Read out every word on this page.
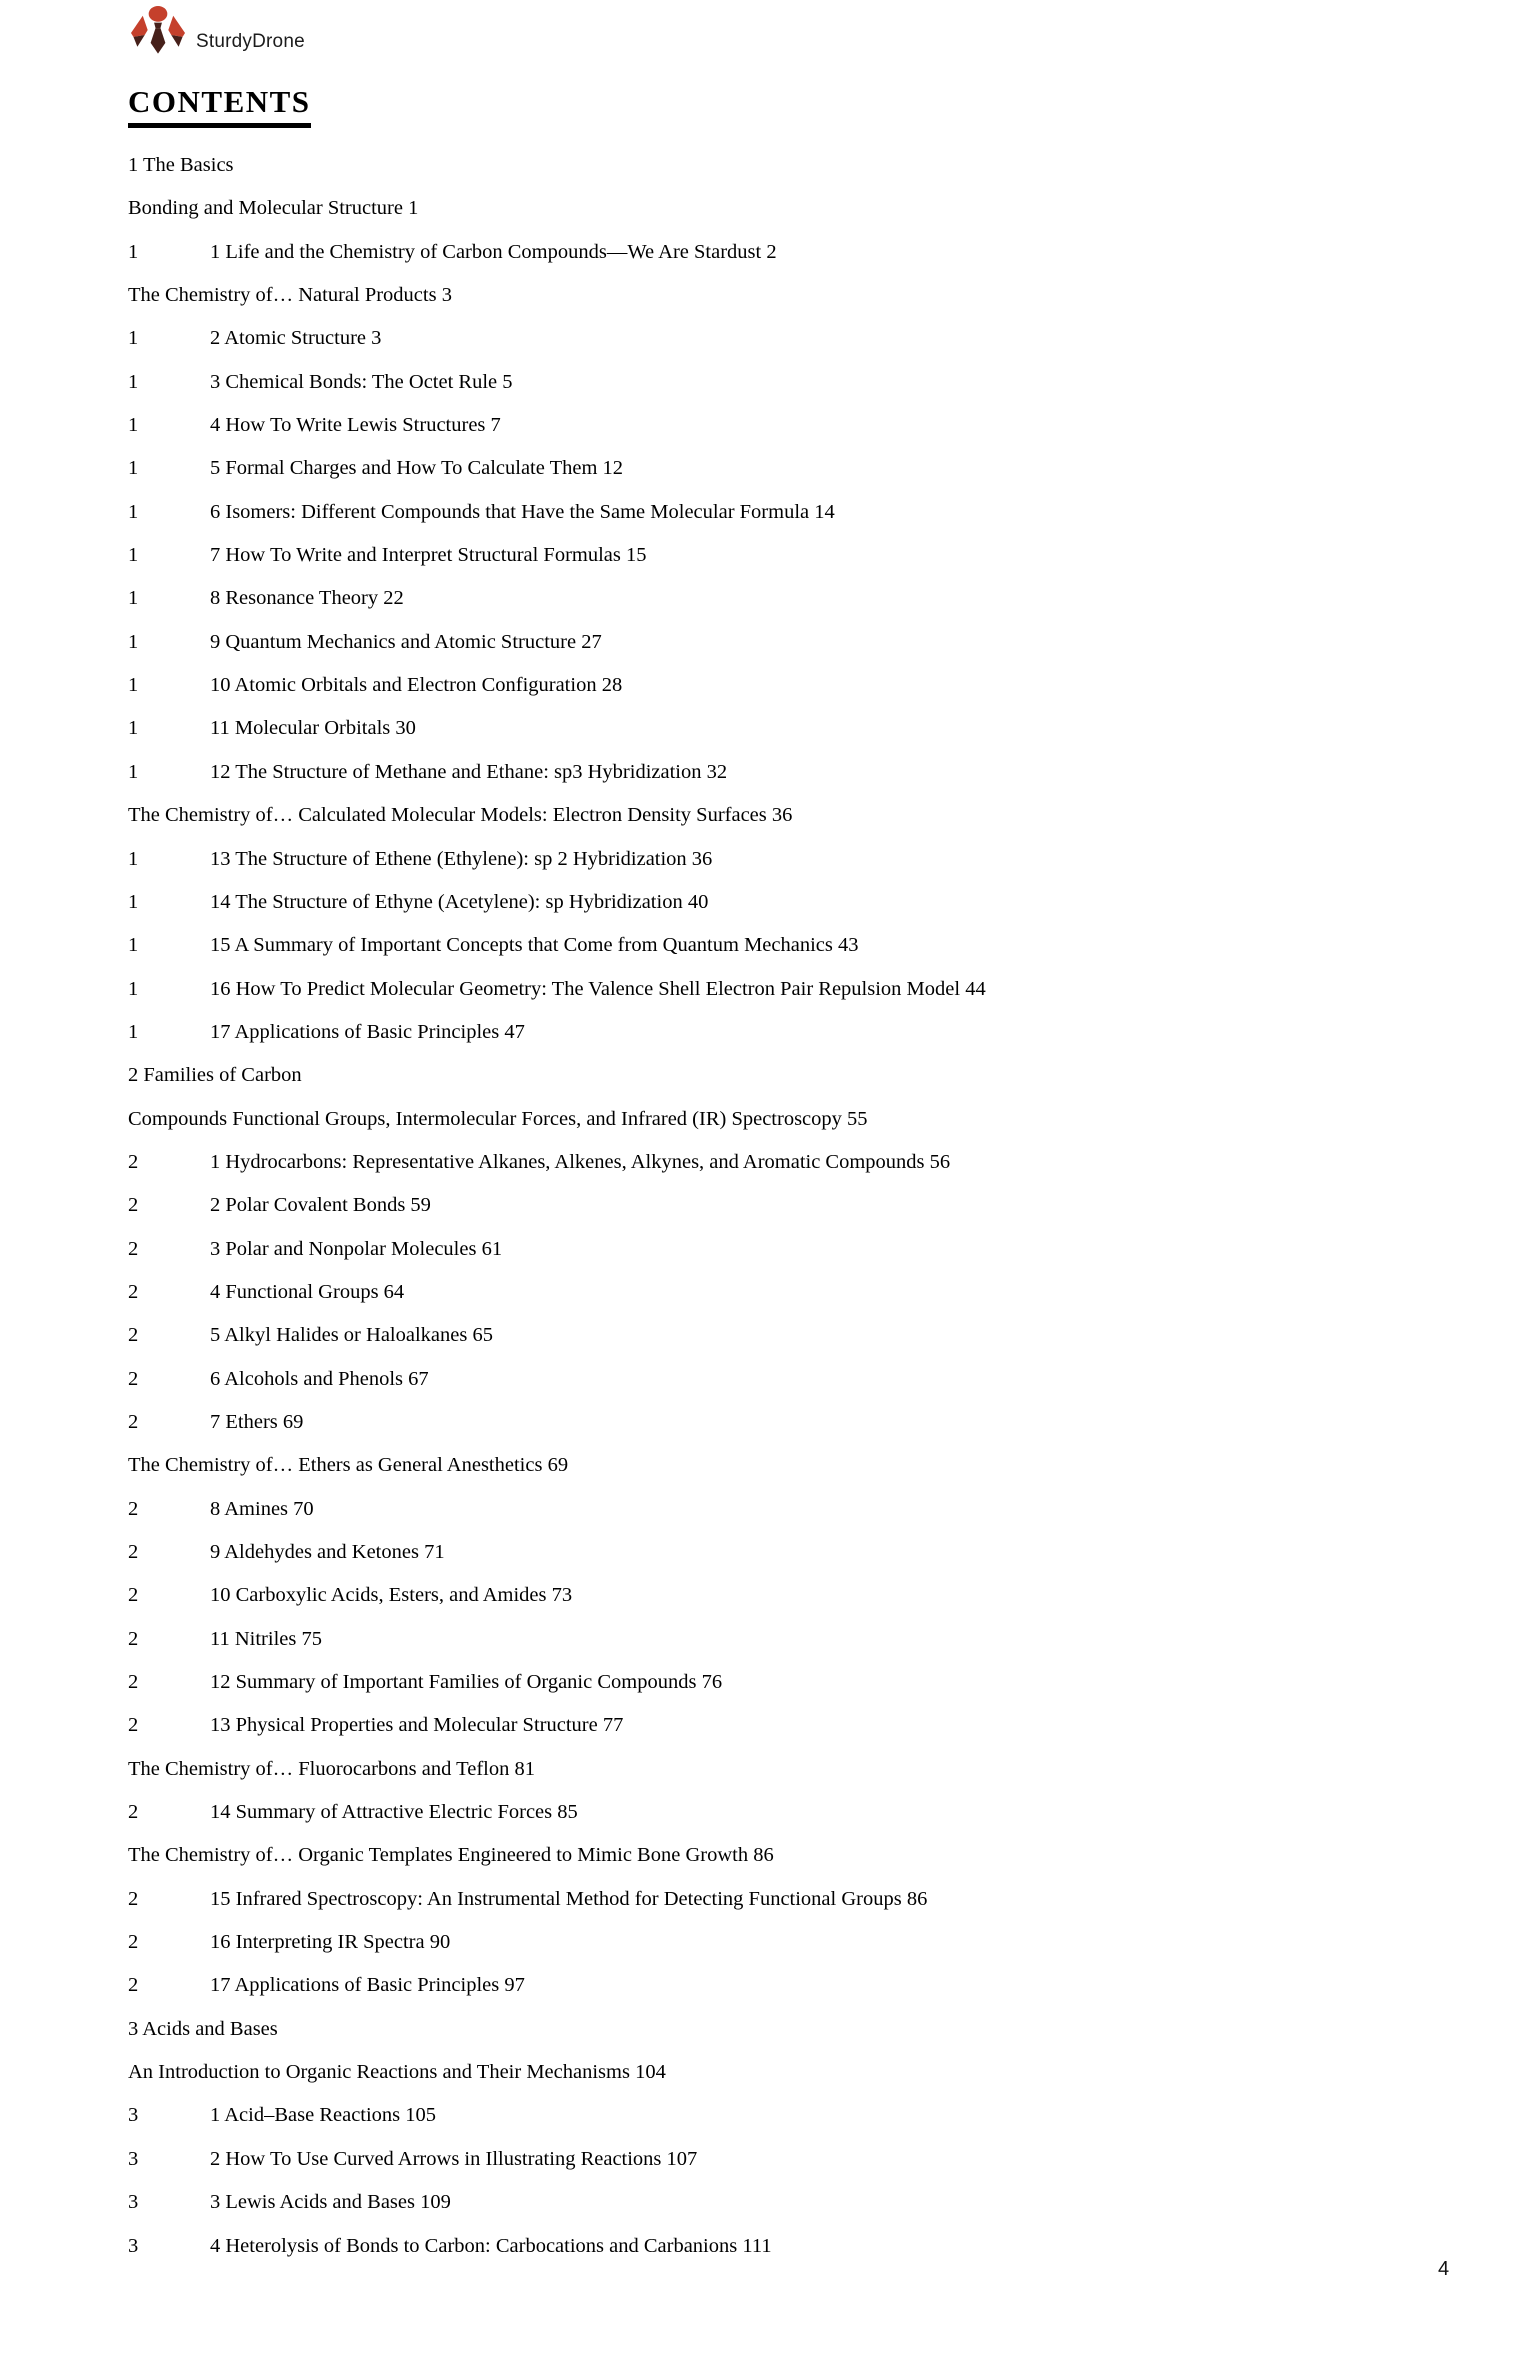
SturdyDrone
CONTENTS
1 The Basics
Bonding and Molecular Structure 1
1	1 Life and the Chemistry of Carbon Compounds—We Are Stardust 2
The Chemistry of… Natural Products 3
1	2 Atomic Structure 3
1	3 Chemical Bonds: The Octet Rule 5
1	4 How To Write Lewis Structures 7
1	5 Formal Charges and How To Calculate Them 12
1	6 Isomers: Different Compounds that Have the Same Molecular Formula 14
1	7 How To Write and Interpret Structural Formulas 15
1	8 Resonance Theory 22
1	9 Quantum Mechanics and Atomic Structure 27
1	10 Atomic Orbitals and Electron Configuration 28
1	11 Molecular Orbitals 30
1	12 The Structure of Methane and Ethane: sp3 Hybridization 32
The Chemistry of… Calculated Molecular Models: Electron Density Surfaces 36
1	13 The Structure of Ethene (Ethylene): sp 2 Hybridization 36
1	14 The Structure of Ethyne (Acetylene): sp Hybridization 40
1	15 A Summary of Important Concepts that Come from Quantum Mechanics 43
1	16 How To Predict Molecular Geometry: The Valence Shell Electron Pair Repulsion Model 44
1	17 Applications of Basic Principles 47
2 Families of Carbon
Compounds Functional Groups, Intermolecular Forces, and Infrared (IR) Spectroscopy 55
2	1 Hydrocarbons: Representative Alkanes, Alkenes, Alkynes, and Aromatic Compounds 56
2	2 Polar Covalent Bonds 59
2	3 Polar and Nonpolar Molecules 61
2	4 Functional Groups 64
2	5 Alkyl Halides or Haloalkanes 65
2	6 Alcohols and Phenols 67
2	7 Ethers 69
The Chemistry of… Ethers as General Anesthetics 69
2	8 Amines 70
2	9 Aldehydes and Ketones 71
2	10 Carboxylic Acids, Esters, and Amides 73
2	11 Nitriles 75
2	12 Summary of Important Families of Organic Compounds 76
2	13 Physical Properties and Molecular Structure 77
The Chemistry of… Fluorocarbons and Teflon 81
2	14 Summary of Attractive Electric Forces 85
The Chemistry of… Organic Templates Engineered to Mimic Bone Growth 86
2	15 Infrared Spectroscopy: An Instrumental Method for Detecting Functional Groups 86
2	16 Interpreting IR Spectra 90
2	17 Applications of Basic Principles 97
3 Acids and Bases
An Introduction to Organic Reactions and Their Mechanisms 104
3	1 Acid–Base Reactions 105
3	2 How To Use Curved Arrows in Illustrating Reactions 107
3	3 Lewis Acids and Bases 109
3	4 Heterolysis of Bonds to Carbon: Carbocations and Carbanions 111
4
